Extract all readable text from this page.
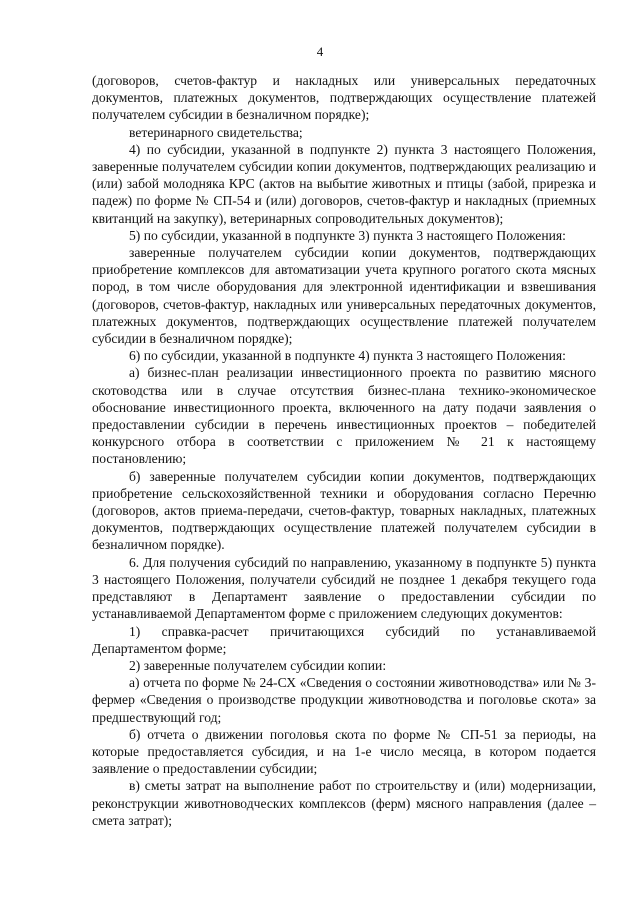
4

(договоров, счетов-фактур и накладных или универсальных передаточных документов, платежных документов, подтверждающих осуществление платежей получателем субсидии в безналичном порядке);

ветеринарного свидетельства;

4) по субсидии, указанной в подпункте 2) пункта 3 настоящего Положения, заверенные получателем субсидии копии документов, подтверждающих реализацию и (или) забой молодняка КРС (актов на выбытие животных и птицы (забой, прирезка и падеж) по форме № СП-54 и (или) договоров, счетов-фактур и накладных (приемных квитанций на закупку), ветеринарных сопроводительных документов);

5) по субсидии, указанной в подпункте 3) пункта 3 настоящего Положения:

заверенные получателем субсидии копии документов, подтверждающих приобретение комплексов для автоматизации учета крупного рогатого скота мясных пород, в том числе оборудования для электронной идентификации и взвешивания (договоров, счетов-фактур, накладных или универсальных передаточных документов, платежных документов, подтверждающих осуществление платежей получателем субсидии в безналичном порядке);

6) по субсидии, указанной в подпункте 4) пункта 3 настоящего Положения:

а) бизнес-план реализации инвестиционного проекта по развитию мясного скотоводства или в случае отсутствия бизнес-плана технико-экономическое обоснование инвестиционного проекта, включенного на дату подачи заявления о предоставлении субсидии в перечень инвестиционных проектов – победителей конкурсного отбора в соответствии с приложением № 21 к настоящему постановлению;

б) заверенные получателем субсидии копии документов, подтверждающих приобретение сельскохозяйственной техники и оборудования согласно Перечню (договоров, актов приема-передачи, счетов-фактур, товарных накладных, платежных документов, подтверждающих осуществление платежей получателем субсидии в безналичном порядке).

6. Для получения субсидий по направлению, указанному в подпункте 5) пункта 3 настоящего Положения, получатели субсидий не позднее 1 декабря текущего года представляют в Департамент заявление о предоставлении субсидии по устанавливаемой Департаментом форме с приложением следующих документов:

1) справка-расчет причитающихся субсидий по устанавливаемой Департаментом форме;

2) заверенные получателем субсидии копии:

а) отчета по форме № 24-СХ «Сведения о состоянии животноводства» или № 3-фермер «Сведения о производстве продукции животноводства и поголовье скота» за предшествующий год;

б) отчета о движении поголовья скота по форме № СП-51 за периоды, на которые предоставляется субсидия, и на 1-е число месяца, в котором подается заявление о предоставлении субсидии;

в) сметы затрат на выполнение работ по строительству и (или) модернизации, реконструкции животноводческих комплексов (ферм) мясного направления (далее – смета затрат);
